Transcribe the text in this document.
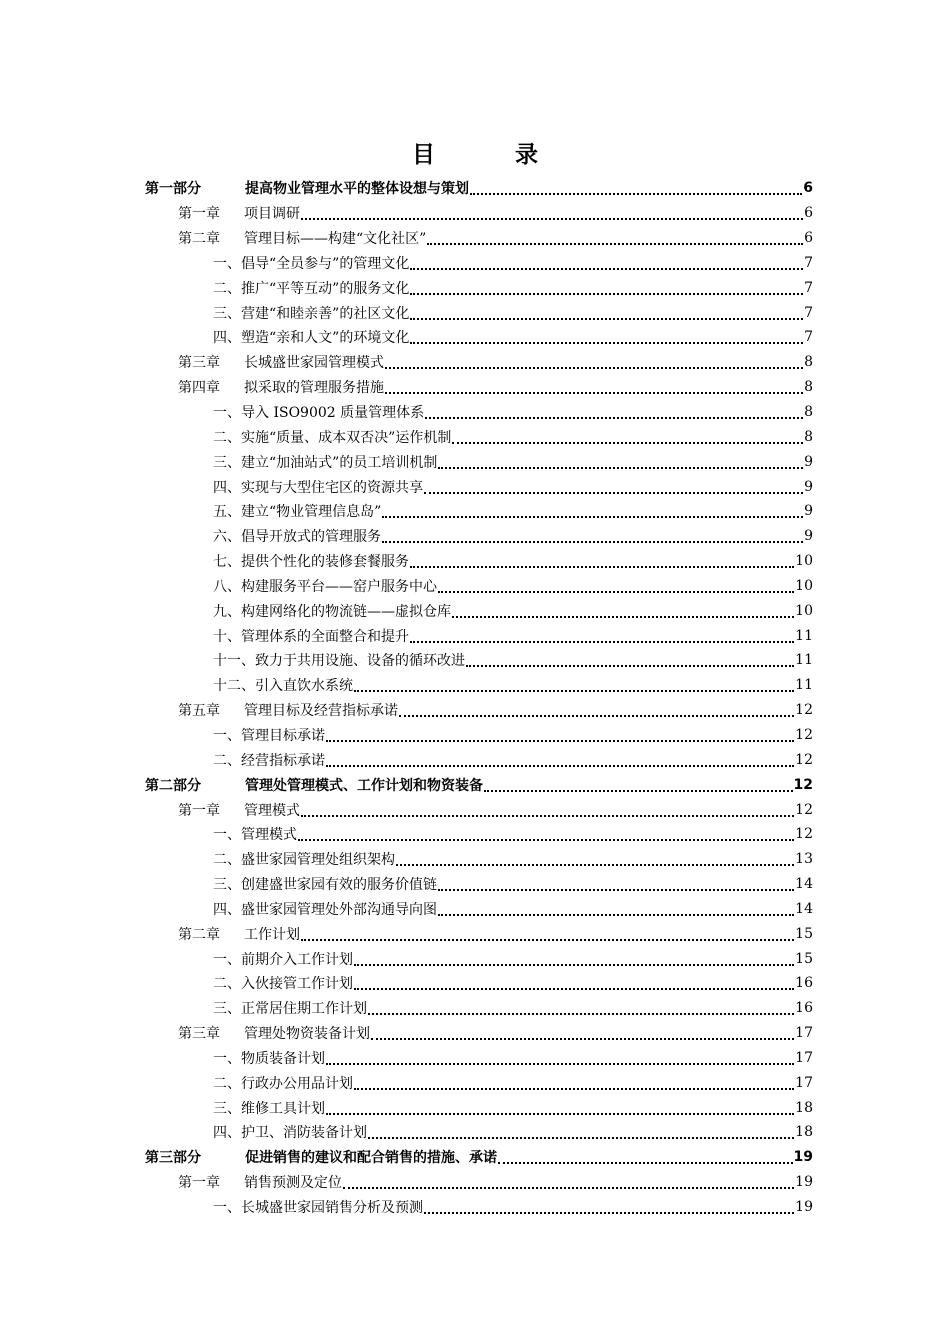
目 录
第一部分	提高物业管理水平的整体设想与策划	6
第一章	项目调研	6
第二章	管理目标——构建“文化社区”	6
一、倡导“全员参与”的管理文化	7
二、推广“平等互动”的服务文化	7
三、营建“和睦亲善”的社区文化	7
四、塑造“亲和人文”的环境文化	7
第三章	长城盛世家园管理模式	8
第四章	拟采取的管理服务措施	8
一、导入 ISO9002 质量管理体系	8
二、实施“质量、成本双否决”运作机制	8
三、建立“加油站式”的员工培训机制	9
四、实现与大型住宅区的资源共享	9
五、建立“物业管理信息岛”	9
六、倡导开放式的管理服务	9
七、提供个性化的装修套餐服务	10
八、构建服务平台——窑户服务中心	10
九、构建网络化的物流链——虚拟仓库	10
十、管理体系的全面整合和提升	11
十一、致力于共用设施、设备的循环改进	11
十二、引入直饮水系统	11
第五章	管理目标及经营指标承诺	12
一、管理目标承诺	12
二、经营指标承诺	12
第二部分	管理处管理模式、工作计划和物资装备	12
第一章	管理模式	12
一、管理模式	12
二、盛世家园管理处组织架构	13
三、创建盛世家园有效的服务价值链	14
四、盛世家园管理处外部沟通导向图	14
第二章	工作计划	15
一、前期介入工作计划	15
二、入伙接管工作计划	16
三、正常居住期工作计划	16
第三章	管理处物资装备计划	17
一、物质装备计划	17
二、行政办公用品计划	17
三、维修工具计划	18
四、护卫、消防装备计划	18
第三部分	促进销售的建议和配合销售的措施、承诺	19
第一章	销售预测及定位	19
一、长城盛世家园销售分析及预测	19
